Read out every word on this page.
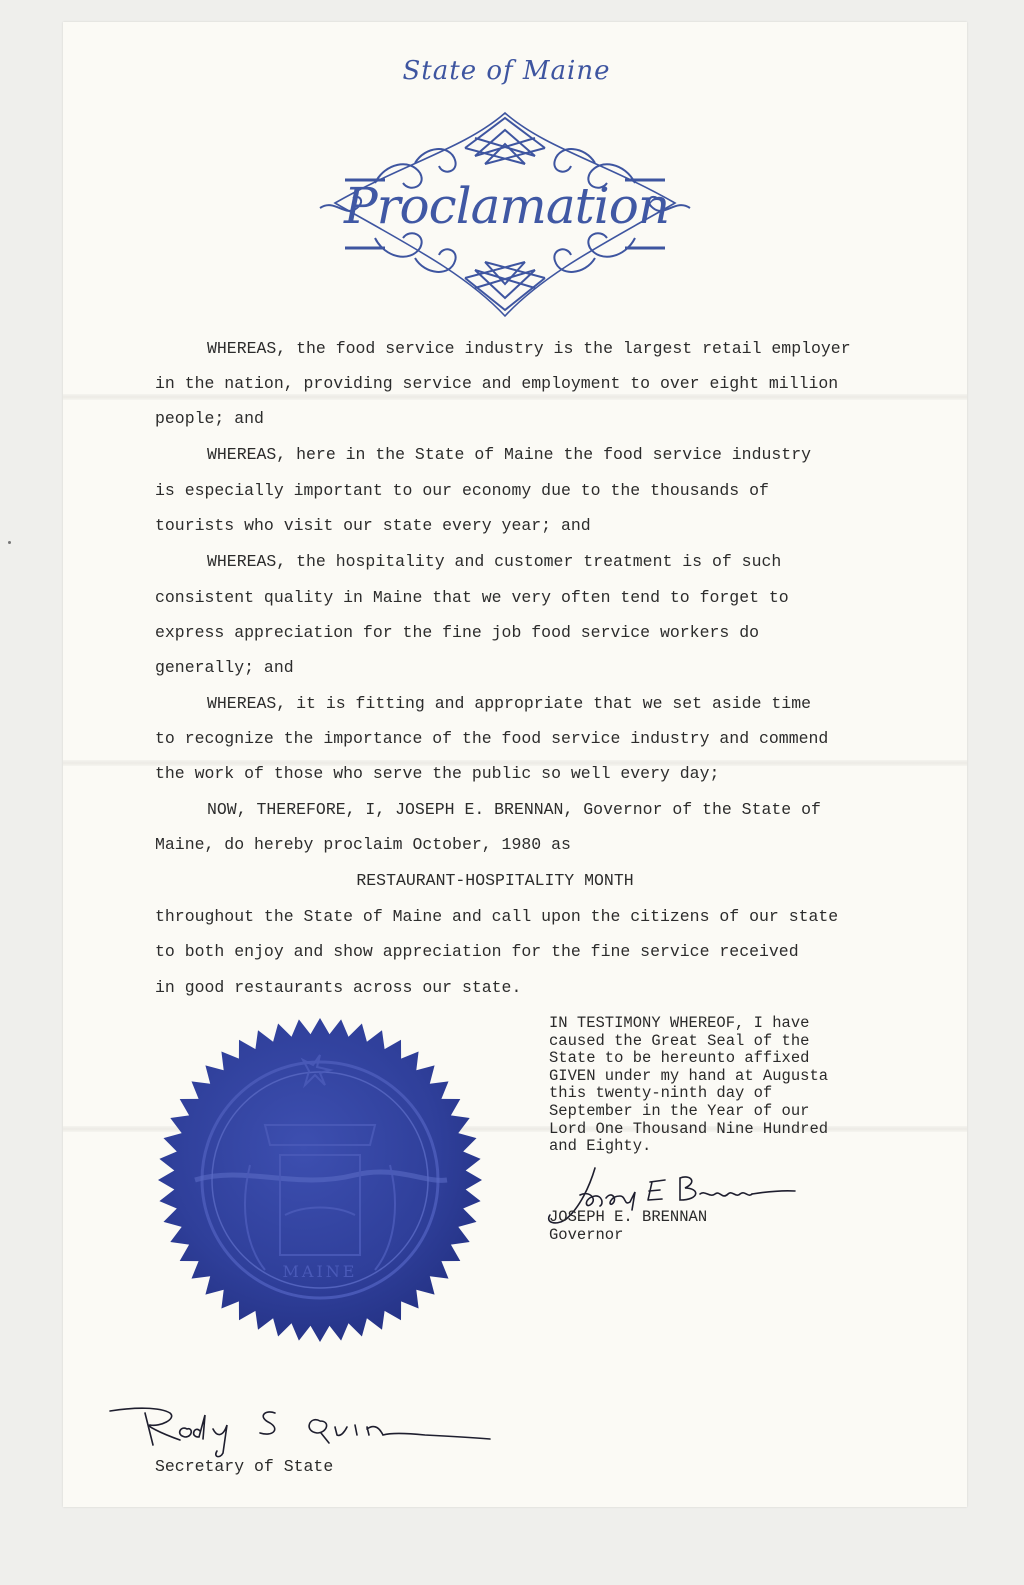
State of Maine
Proclamation
WHEREAS, the food service industry is the largest retail employer
in the nation, providing service and employment to over eight million
people; and
WHEREAS, here in the State of Maine the food service industry
is especially important to our economy due to the thousands of
tourists who visit our state every year; and
WHEREAS, the hospitality and customer treatment is of such
consistent quality in Maine that we very often tend to forget to
express appreciation for the fine job food service workers do
generally; and
WHEREAS, it is fitting and appropriate that we set aside time
to recognize the importance of the food service industry and commend
the work of those who serve the public so well every day;
NOW, THEREFORE, I, JOSEPH E. BRENNAN, Governor of the State of
Maine, do hereby proclaim October, 1980 as
RESTAURANT-HOSPITALITY MONTH
throughout the State of Maine and call upon the citizens of our state
to both enjoy and show appreciation for the fine service received
in good restaurants across our state.
MAINE
IN TESTIMONY WHEREOF, I have
caused the Great Seal of the
State to be hereunto affixed
GIVEN under my hand at Augusta
this twenty-ninth day of
September in the Year of our
Lord One Thousand Nine Hundred
and Eighty.
JOSEPH E. BRENNAN
Governor
Secretary of State
